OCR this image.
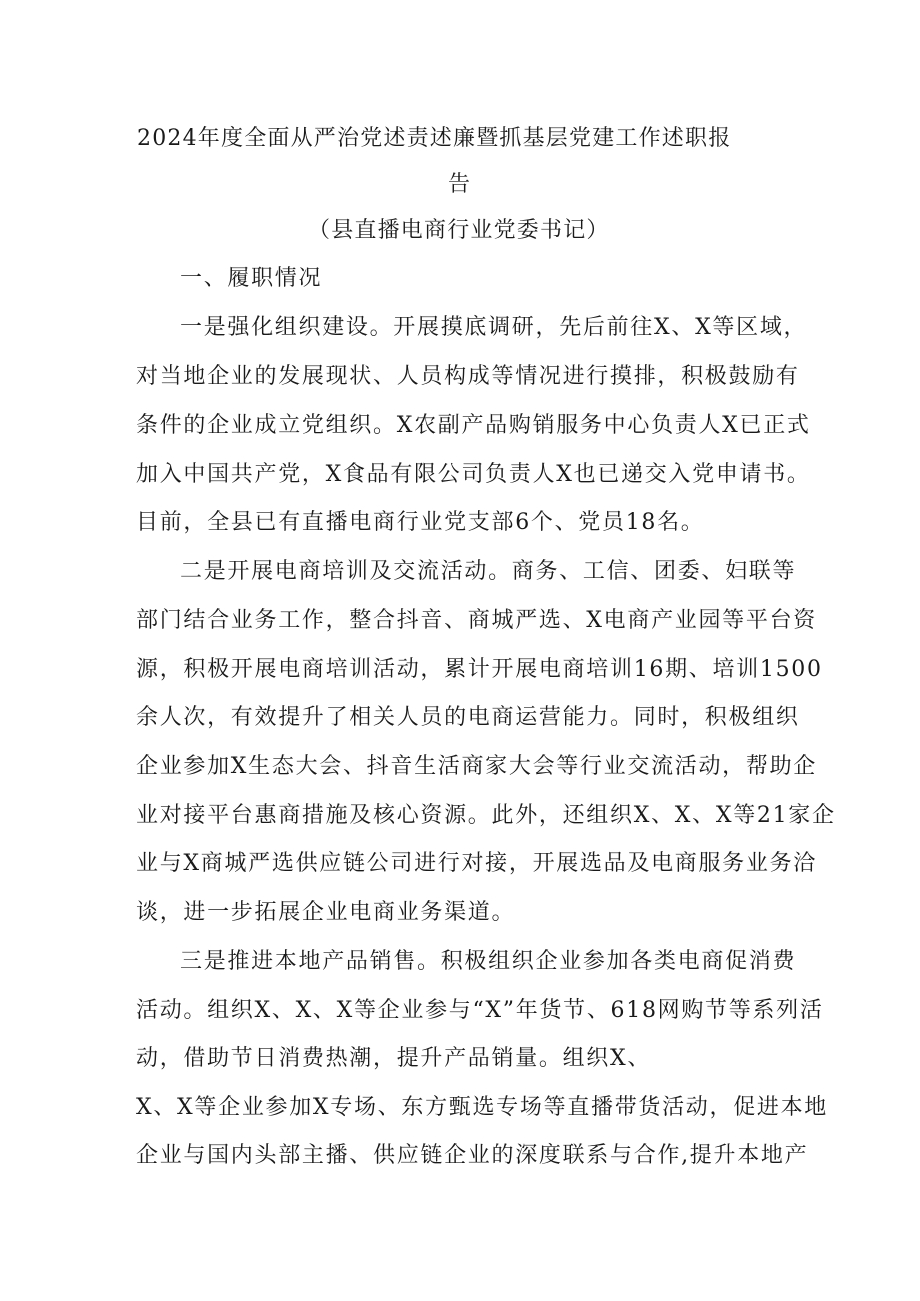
2024年度全面从严治党述责述廉暨抓基层党建工作述职报
告
（县直播电商行业党委书记）
一、履职情况
一是强化组织建设。开展摸底调研，先后前往X、X等区域，
对当地企业的发展现状、人员构成等情况进行摸排，积极鼓励有
条件的企业成立党组织。X农副产品购销服务中心负责人X已正式
加入中国共产党，X食品有限公司负责人X也已递交入党申请书。
目前，全县已有直播电商行业党支部6个、党员18名。
二是开展电商培训及交流活动。商务、工信、团委、妇联等
部门结合业务工作，整合抖音、商城严选、X电商产业园等平台资
源，积极开展电商培训活动，累计开展电商培训16期、培训1500
余人次，有效提升了相关人员的电商运营能力。同时，积极组织
企业参加X生态大会、抖音生活商家大会等行业交流活动，帮助企
业对接平台惠商措施及核心资源。此外，还组织X、X、X等21家企
业与X商城严选供应链公司进行对接，开展选品及电商服务业务洽
谈，进一步拓展企业电商业务渠道。
三是推进本地产品销售。积极组织企业参加各类电商促消费
活动。组织X、X、X等企业参与“X”年货节、618网购节等系列活
动，借助节日消费热潮，提升产品销量。组织X、
X、X等企业参加X专场、东方甄选专场等直播带货活动，促进本地
企业与国内头部主播、供应链企业的深度联系与合作,提升本地产
